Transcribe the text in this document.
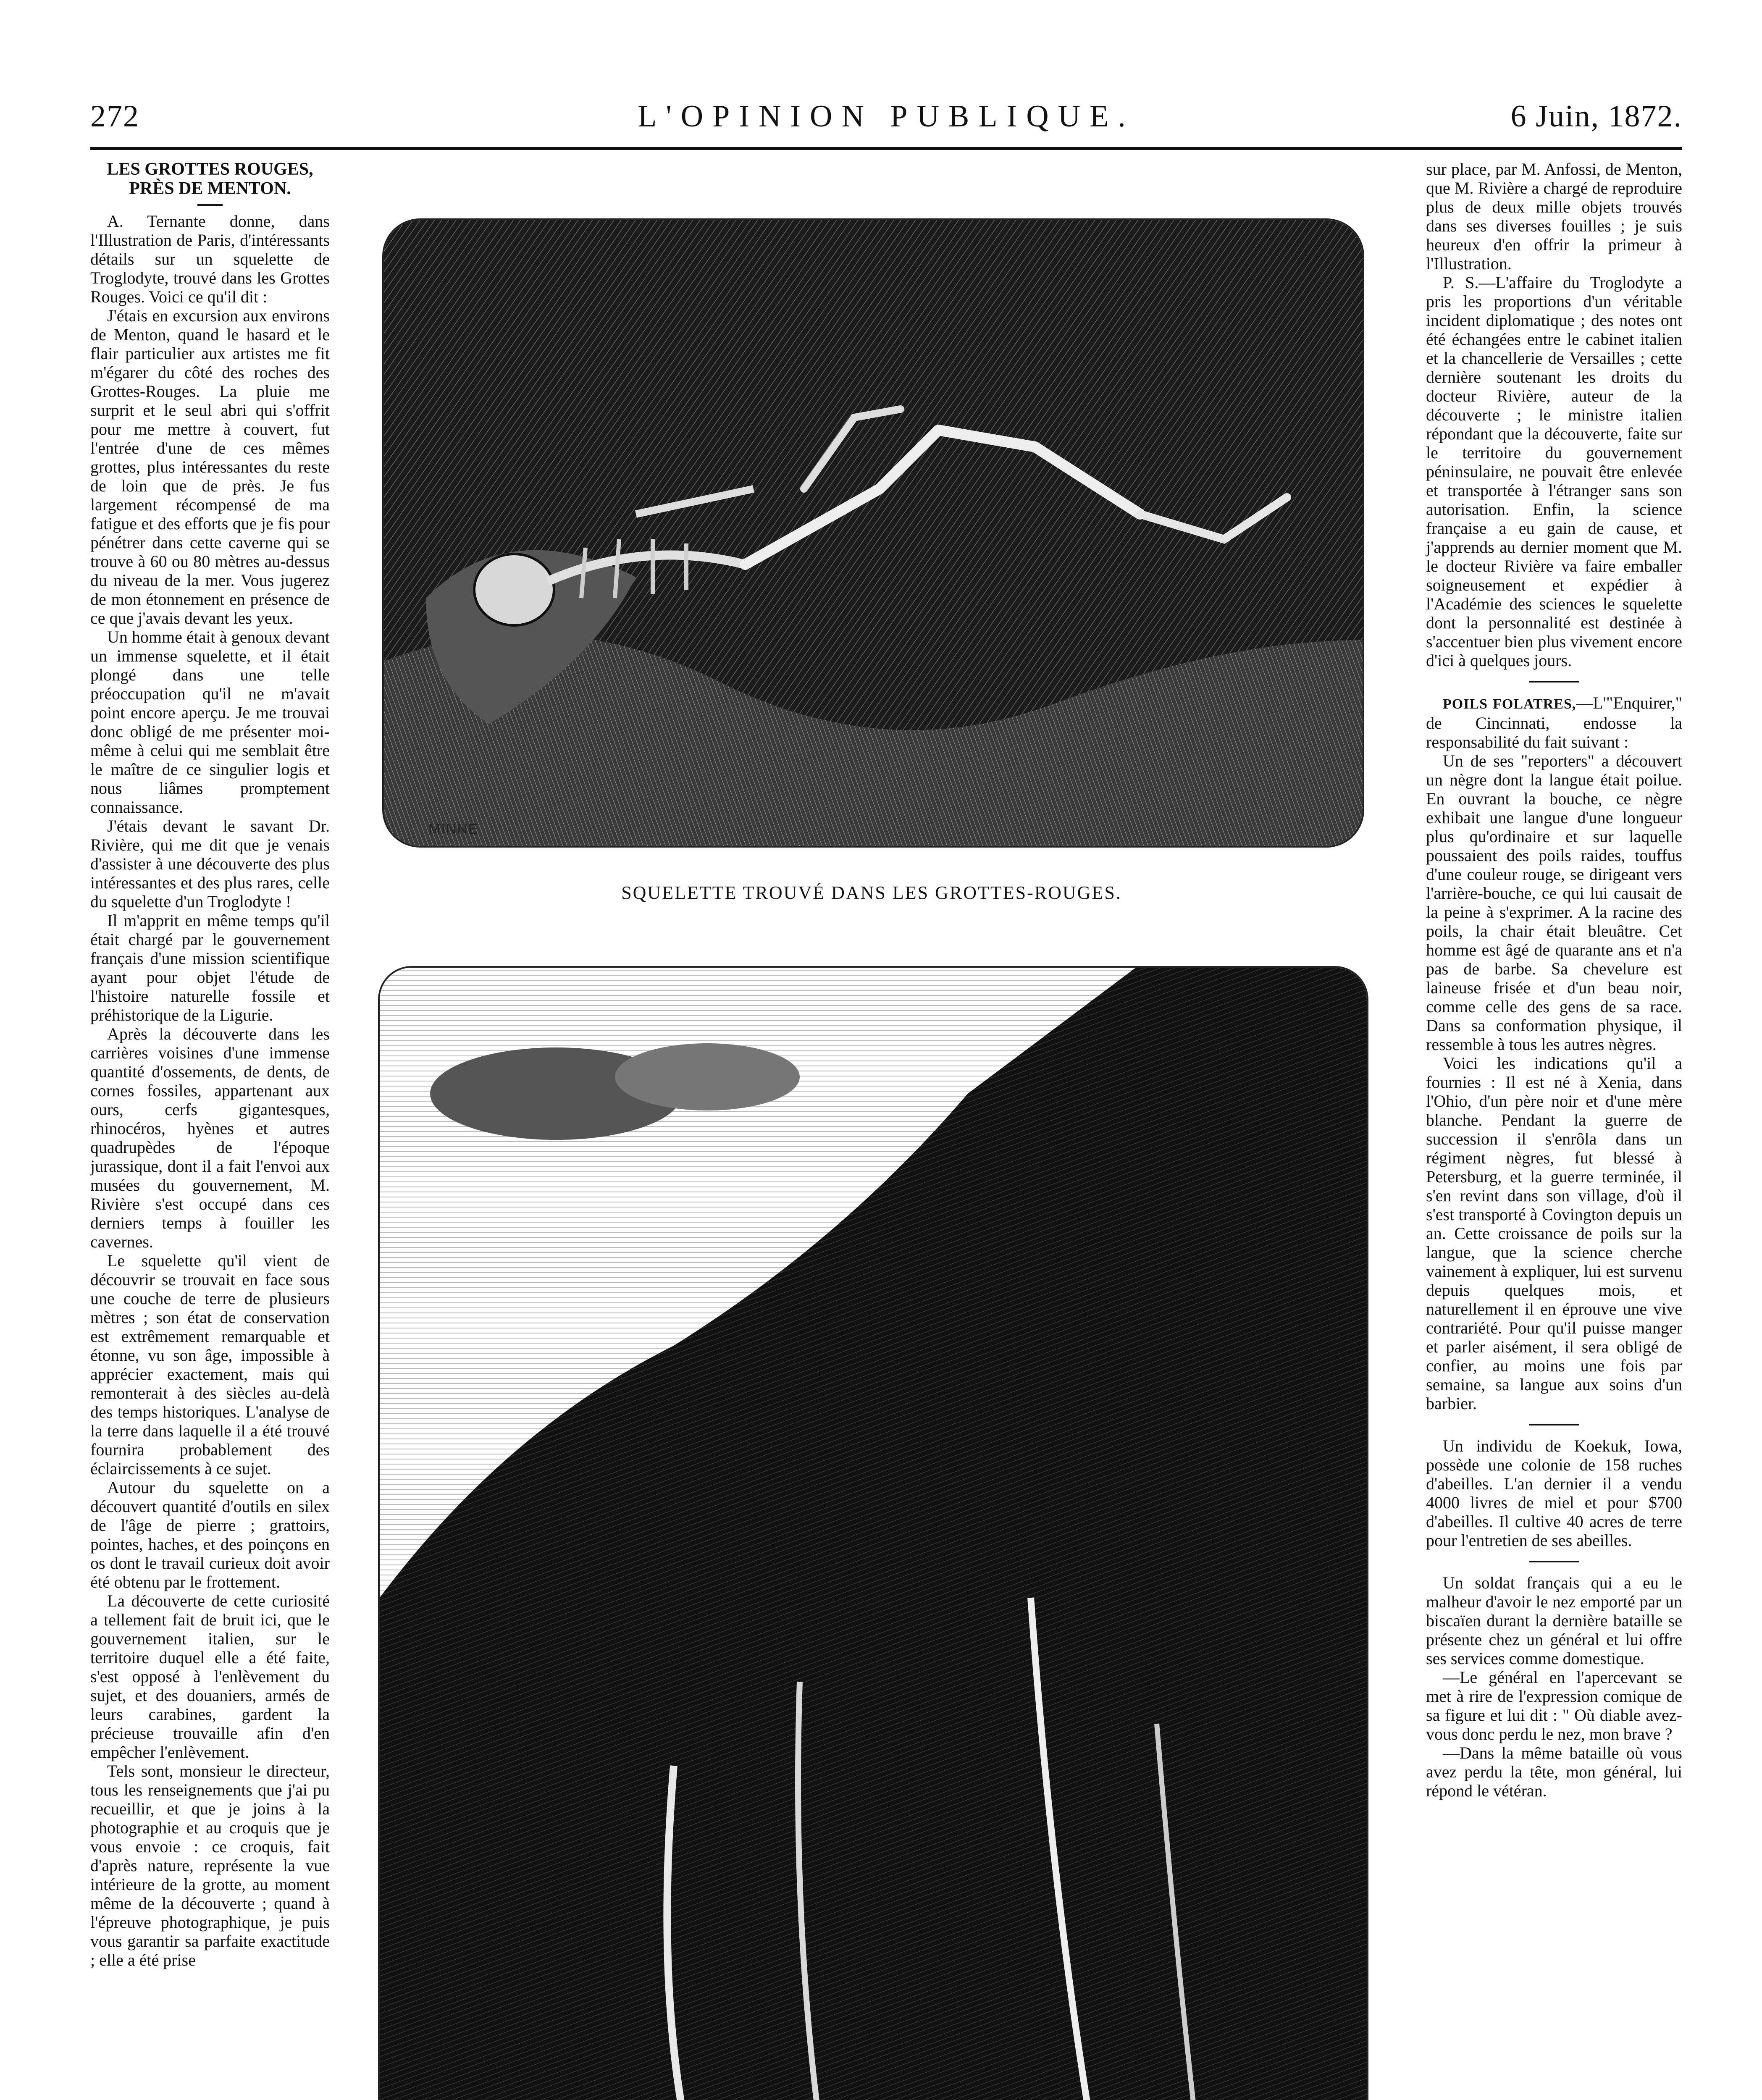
272	L'OPINION PUBLIQUE.	6 Juin, 1872.

LES GROTTES ROUGES, PRÈS DE MENTON.

A. Ternante donne, dans l'Illustration de Paris, d'intéressants détails sur un squelette de Troglodyte, trouvé dans les Grottes Rouges. Voici ce qu'il dit :

J'étais en excursion aux environs de Menton, quand le hasard et le flair particulier aux artistes me fit m'égarer du côté des roches des Grottes-Rouges. La pluie me surprit et le seul abri qui s'offrit pour me mettre à couvert, fut l'entrée d'une de ces mêmes grottes, plus intéressantes du reste de loin que de près. Je fus largement récompensé de ma fatigue et des efforts que je fis pour pénétrer dans cette caverne qui se trouve à 60 ou 80 mètres au-dessus du niveau de la mer. Vous jugerez de mon étonnement en présence de ce que j'avais devant les yeux.

Un homme était à genoux devant un immense squelette, et il était plongé dans une telle préoccupation qu'il ne m'avait point encore aperçu. Je me trouvai donc obligé de me présenter moi-même à celui qui me semblait être le maître de ce singulier logis et nous liâmes promptement connaissance.

J'étais devant le savant Dr. Rivière, qui me dit que je venais d'assister à une découverte des plus intéressantes et des plus rares, celle du squelette d'un Troglodyte !

Il m'apprit en même temps qu'il était chargé par le gouvernement français d'une mission scientifique ayant pour objet l'étude de l'histoire naturelle fossile et préhistorique de la Ligurie.

Après la découverte dans les carrières voisines d'une immense quantité d'ossements, de dents, de cornes fossiles, appartenant aux ours, cerfs gigantesques, rhinocéros, hyènes et autres quadrupèdes de l'époque jurassique, dont il a fait l'envoi aux musées du gouvernement, M. Rivière s'est occupé dans ces derniers temps à fouiller les cavernes.

Le squelette qu'il vient de découvrir se trouvait en face sous une couche de terre de plusieurs mètres ; son état de conservation est extrêmement remarquable et étonne, vu son âge, impossible à apprécier exactement, mais qui remonterait à des siècles au-delà des temps historiques. L'analyse de la terre dans laquelle il a été trouvé fournira probablement des éclaircissements à ce sujet.

Autour du squelette on a découvert quantité d'outils en silex de l'âge de pierre ; grattoirs, pointes, haches, et des poinçons en os dont le travail curieux doit avoir été obtenu par le frottement.

La découverte de cette curiosité a tellement fait de bruit ici, que le gouvernement italien, sur le territoire duquel elle a été faite, s'est opposé à l'enlèvement du sujet, et des douaniers, armés de leurs carabines, gardent la précieuse trouvaille afin d'en empêcher l'enlèvement.

Tels sont, monsieur le directeur, tous les renseignements que j'ai pu recueillir, et que je joins à la photographie et au croquis que je vous envoie : ce croquis, fait d'après nature, représente la vue intérieure de la grotte, au moment même de la découverte ; quand à l'épreuve photographique, je puis vous garantir sa parfaite exactitude ; elle a été prise

MINNE
SQUELETTE TROUVÉ DANS LES GROTTES-ROUGES.

sur place, par M. Anfossi, de Menton, que M. Rivière a chargé de reproduire plus de deux mille objets trouvés dans ses diverses fouilles ; je suis heureux d'en offrir la primeur à l'Illustration.

P. S.—L'affaire du Troglodyte a pris les proportions d'un véritable incident diplomatique ; des notes ont été échangées entre le cabinet italien et la chancellerie de Versailles ; cette dernière soutenant les droits du docteur Rivière, auteur de la découverte ; le ministre italien répondant que la découverte, faite sur le territoire du gouvernement péninsulaire, ne pouvait être enlevée et transportée à l'étranger sans son autorisation. Enfin, la science française a eu gain de cause, et j'apprends au dernier moment que M. le docteur Rivière va faire emballer soigneusement et expédier à l'Académie des sciences le squelette dont la personnalité est destinée à s'accentuer bien plus vivement encore d'ici à quelques jours.

POILS FOLATRES,—L'"Enquirer," de Cincinnati, endosse la responsabilité du fait suivant :

Un de ses "reporters" a découvert un nègre dont la langue était poilue. En ouvrant la bouche, ce nègre exhibait une langue d'une longueur plus qu'ordinaire et sur laquelle poussaient des poils raides, touffus d'une couleur rouge, se dirigeant vers l'arrière-bouche, ce qui lui causait de la peine à s'exprimer. A la racine des poils, la chair était bleuâtre. Cet homme est âgé de quarante ans et n'a pas de barbe. Sa chevelure est laineuse frisée et d'un beau noir, comme celle des gens de sa race. Dans sa conformation physique, il ressemble à tous les autres nègres.

Voici les indications qu'il a fournies : Il est né à Xenia, dans l'Ohio, d'un père noir et d'une mère blanche. Pendant la guerre de succession il s'enrôla dans un régiment nègres, fut blessé à Petersburg, et la guerre terminée, il s'en revint dans son village, d'où il s'est transporté à Covington depuis un an. Cette croissance de poils sur la langue, que la science cherche vainement à expliquer, lui est survenu depuis quelques mois, et naturellement il en éprouve une vive contrariété. Pour qu'il puisse manger et parler aisément, il sera obligé de confier, au moins une fois par semaine, sa langue aux soins d'un barbier.

Un individu de Koekuk, Iowa, possède une colonie de 158 ruches d'abeilles. L'an dernier il a vendu 4000 livres de miel et pour $700 d'abeilles. Il cultive 40 acres de terre pour l'entretien de ses abeilles.

Un soldat français qui a eu le malheur d'avoir le nez emporté par un biscaïen durant la dernière bataille se présente chez un général et lui offre ses services comme domestique.

—Le général en l'apercevant se met à rire de l'expression comique de sa figure et lui dit : " Où diable avez-vous donc perdu le nez, mon brave ?

—Dans la même bataille où vous avez perdu la tête, mon général, lui répond le vétéran.
